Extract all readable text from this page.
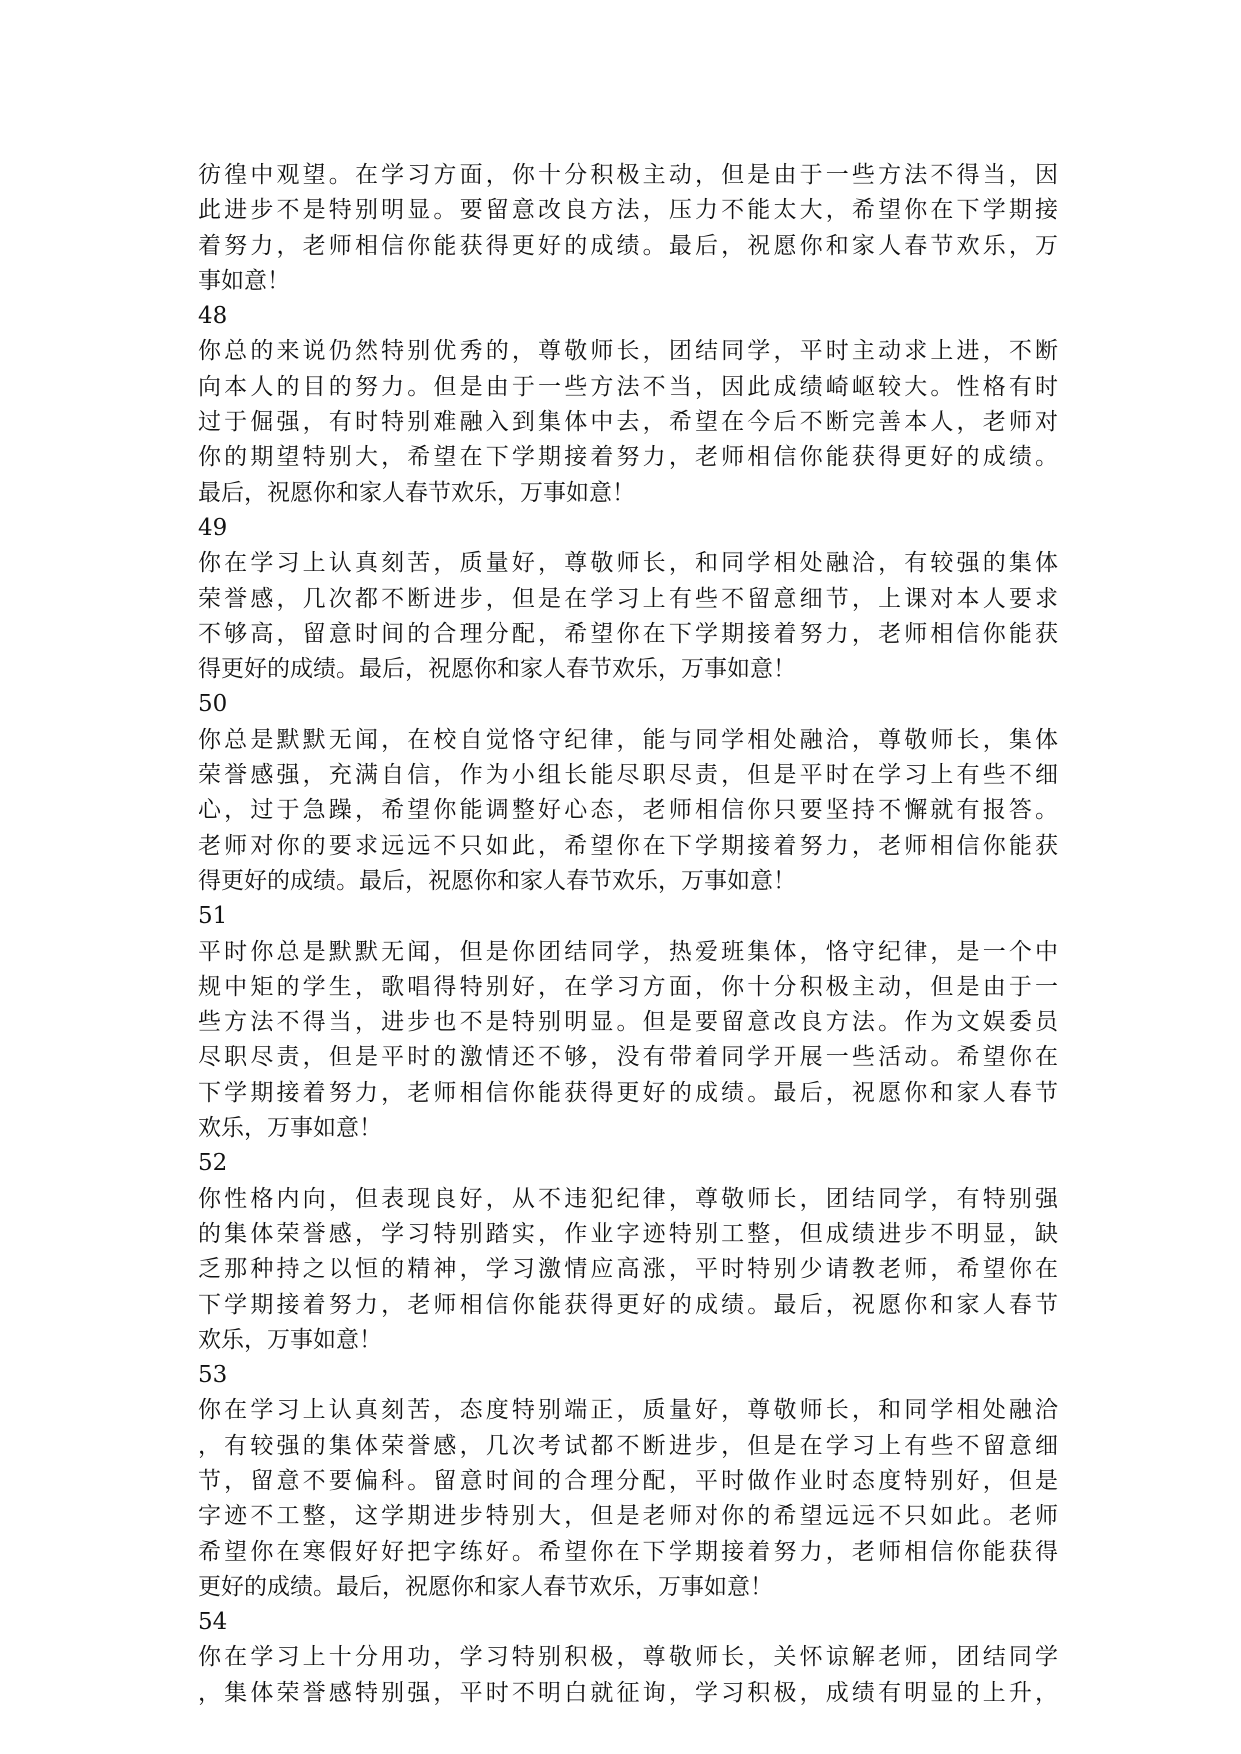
彷徨中观望。在学习方面，你十分积极主动，但是由于一些方法不得当，因
此进步不是特别明显。要留意改良方法，压力不能太大，希望你在下学期接
着努力，老师相信你能获得更好的成绩。最后，祝愿你和家人春节欢乐，万
事如意！
48
你总的来说仍然特别优秀的，尊敬师长，团结同学，平时主动求上进，不断
向本人的目的努力。但是由于一些方法不当，因此成绩崎岖较大。性格有时
过于倔强，有时特别难融入到集体中去，希望在今后不断完善本人，老师对
你的期望特别大，希望在下学期接着努力，老师相信你能获得更好的成绩。
最后，祝愿你和家人春节欢乐，万事如意！
49
你在学习上认真刻苦，质量好，尊敬师长，和同学相处融洽，有较强的集体
荣誉感，几次都不断进步，但是在学习上有些不留意细节，上课对本人要求
不够高，留意时间的合理分配，希望你在下学期接着努力，老师相信你能获
得更好的成绩。最后，祝愿你和家人春节欢乐，万事如意！
50
你总是默默无闻，在校自觉恪守纪律，能与同学相处融洽，尊敬师长，集体
荣誉感强，充满自信，作为小组长能尽职尽责，但是平时在学习上有些不细
心，过于急躁，希望你能调整好心态，老师相信你只要坚持不懈就有报答。
老师对你的要求远远不只如此，希望你在下学期接着努力，老师相信你能获
得更好的成绩。最后，祝愿你和家人春节欢乐，万事如意！
51
平时你总是默默无闻，但是你团结同学，热爱班集体，恪守纪律，是一个中
规中矩的学生，歌唱得特别好，在学习方面，你十分积极主动，但是由于一
些方法不得当，进步也不是特别明显。但是要留意改良方法。作为文娱委员
尽职尽责，但是平时的激情还不够，没有带着同学开展一些活动。希望你在
下学期接着努力，老师相信你能获得更好的成绩。最后，祝愿你和家人春节
欢乐，万事如意！
52
你性格内向，但表现良好，从不违犯纪律，尊敬师长，团结同学，有特别强
的集体荣誉感，学习特别踏实，作业字迹特别工整，但成绩进步不明显，缺
乏那种持之以恒的精神，学习激情应高涨，平时特别少请教老师，希望你在
下学期接着努力，老师相信你能获得更好的成绩。最后，祝愿你和家人春节
欢乐，万事如意！
53
你在学习上认真刻苦，态度特别端正，质量好，尊敬师长，和同学相处融洽
，有较强的集体荣誉感，几次考试都不断进步，但是在学习上有些不留意细
节，留意不要偏科。留意时间的合理分配，平时做作业时态度特别好，但是
字迹不工整，这学期进步特别大，但是老师对你的希望远远不只如此。老师
希望你在寒假好好把字练好。希望你在下学期接着努力，老师相信你能获得
更好的成绩。最后，祝愿你和家人春节欢乐，万事如意！
54
你在学习上十分用功，学习特别积极，尊敬师长，关怀谅解老师，团结同学
，集体荣誉感特别强，平时不明白就征询，学习积极，成绩有明显的上升，
